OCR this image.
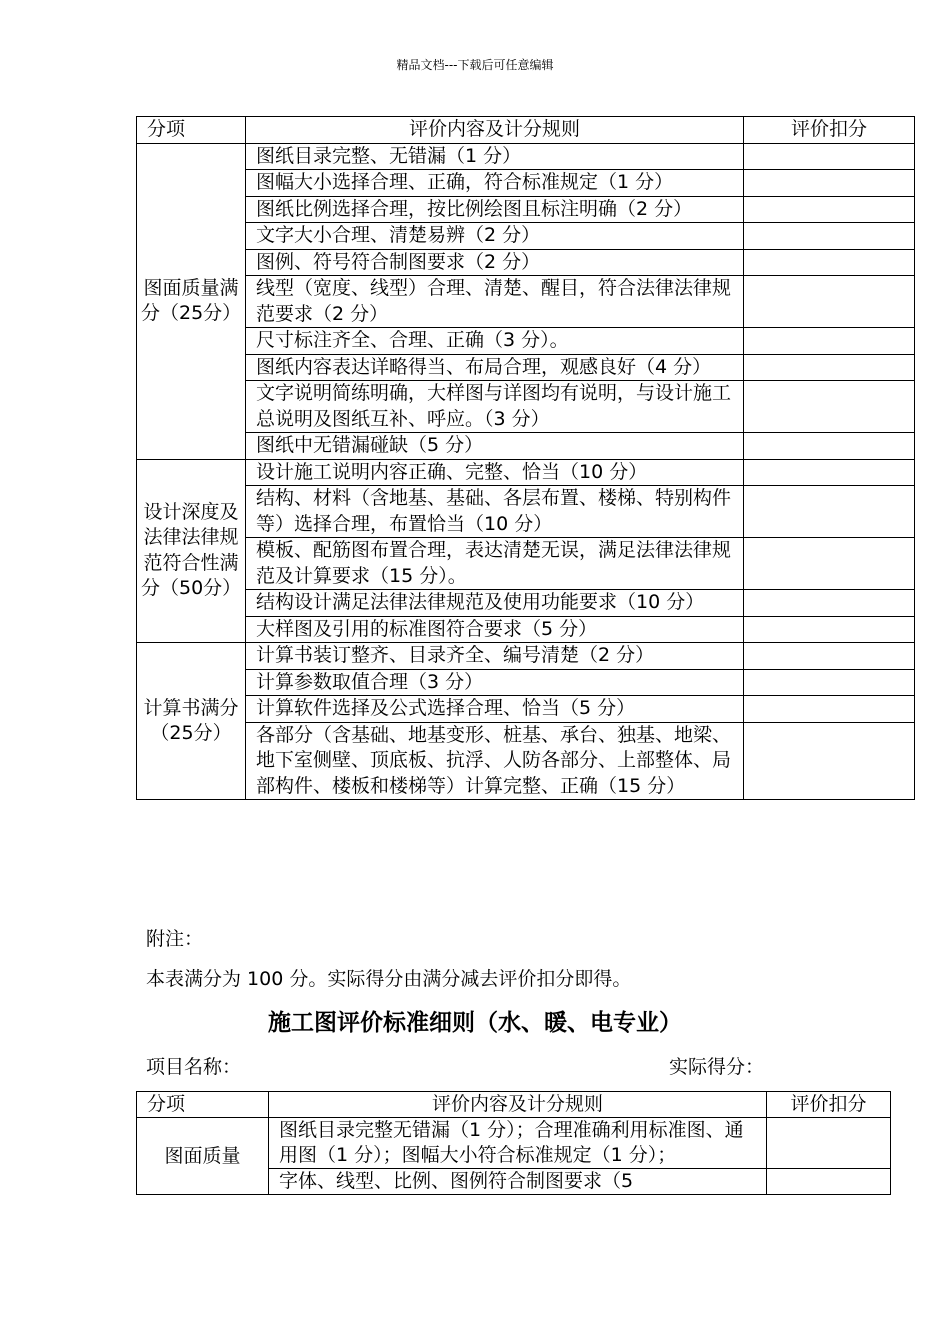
精品文档---下载后可任意编辑
分项	评价内容及计分规则	评价扣分
图面质量满分（25分）	图纸目录完整、无错漏（1 分）	
	图幅大小选择合理、正确，符合标准规定（1 分）	
	图纸比例选择合理，按比例绘图且标注明确（2 分）	
	文字大小合理、清楚易辨（2 分）	
	图例、符号符合制图要求（2 分）	
	线型（宽度、线型）合理、清楚、醒目，符合法律法律规范要求（2 分）	
	尺寸标注齐全、合理、正确（3 分）。	
	图纸内容表达详略得当、布局合理，观感良好（4 分）	
	文字说明简练明确，大样图与详图均有说明，与设计施工总说明及图纸互补、呼应。（3 分）	
	图纸中无错漏碰缺（5 分）	
设计深度及法律法律规范符合性满分（50分）	设计施工说明内容正确、完整、恰当（10 分）	
	结构、材料（含地基、基础、各层布置、楼梯、特别构件等）选择合理，布置恰当（10 分）	
	模板、配筋图布置合理，表达清楚无误，满足法律法律规范及计算要求（15 分）。	
	结构设计满足法律法律规范及使用功能要求（10 分）	
	大样图及引用的标准图符合要求（5 分）	
计算书满分（25分）	计算书装订整齐、目录齐全、编号清楚（2 分）	
	计算参数取值合理（3 分）	
	计算软件选择及公式选择合理、恰当（5 分）	
	各部分（含基础、地基变形、桩基、承台、独基、地梁、地下室侧壁、顶底板、抗浮、人防各部分、上部整体、局部构件、楼板和楼梯等）计算完整、正确（15 分）	
附注：
本表满分为 100 分。实际得分由满分减去评价扣分即得。
施工图评价标准细则（水、暖、电专业）
项目名称：	实际得分：
分项	评价内容及计分规则	评价扣分
图面质量	图纸目录完整无错漏（1 分）；合理准确利用标准图、通用图（1 分）；图幅大小符合标准规定（1 分）；	
	字体、线型、比例、图例符合制图要求（5	
